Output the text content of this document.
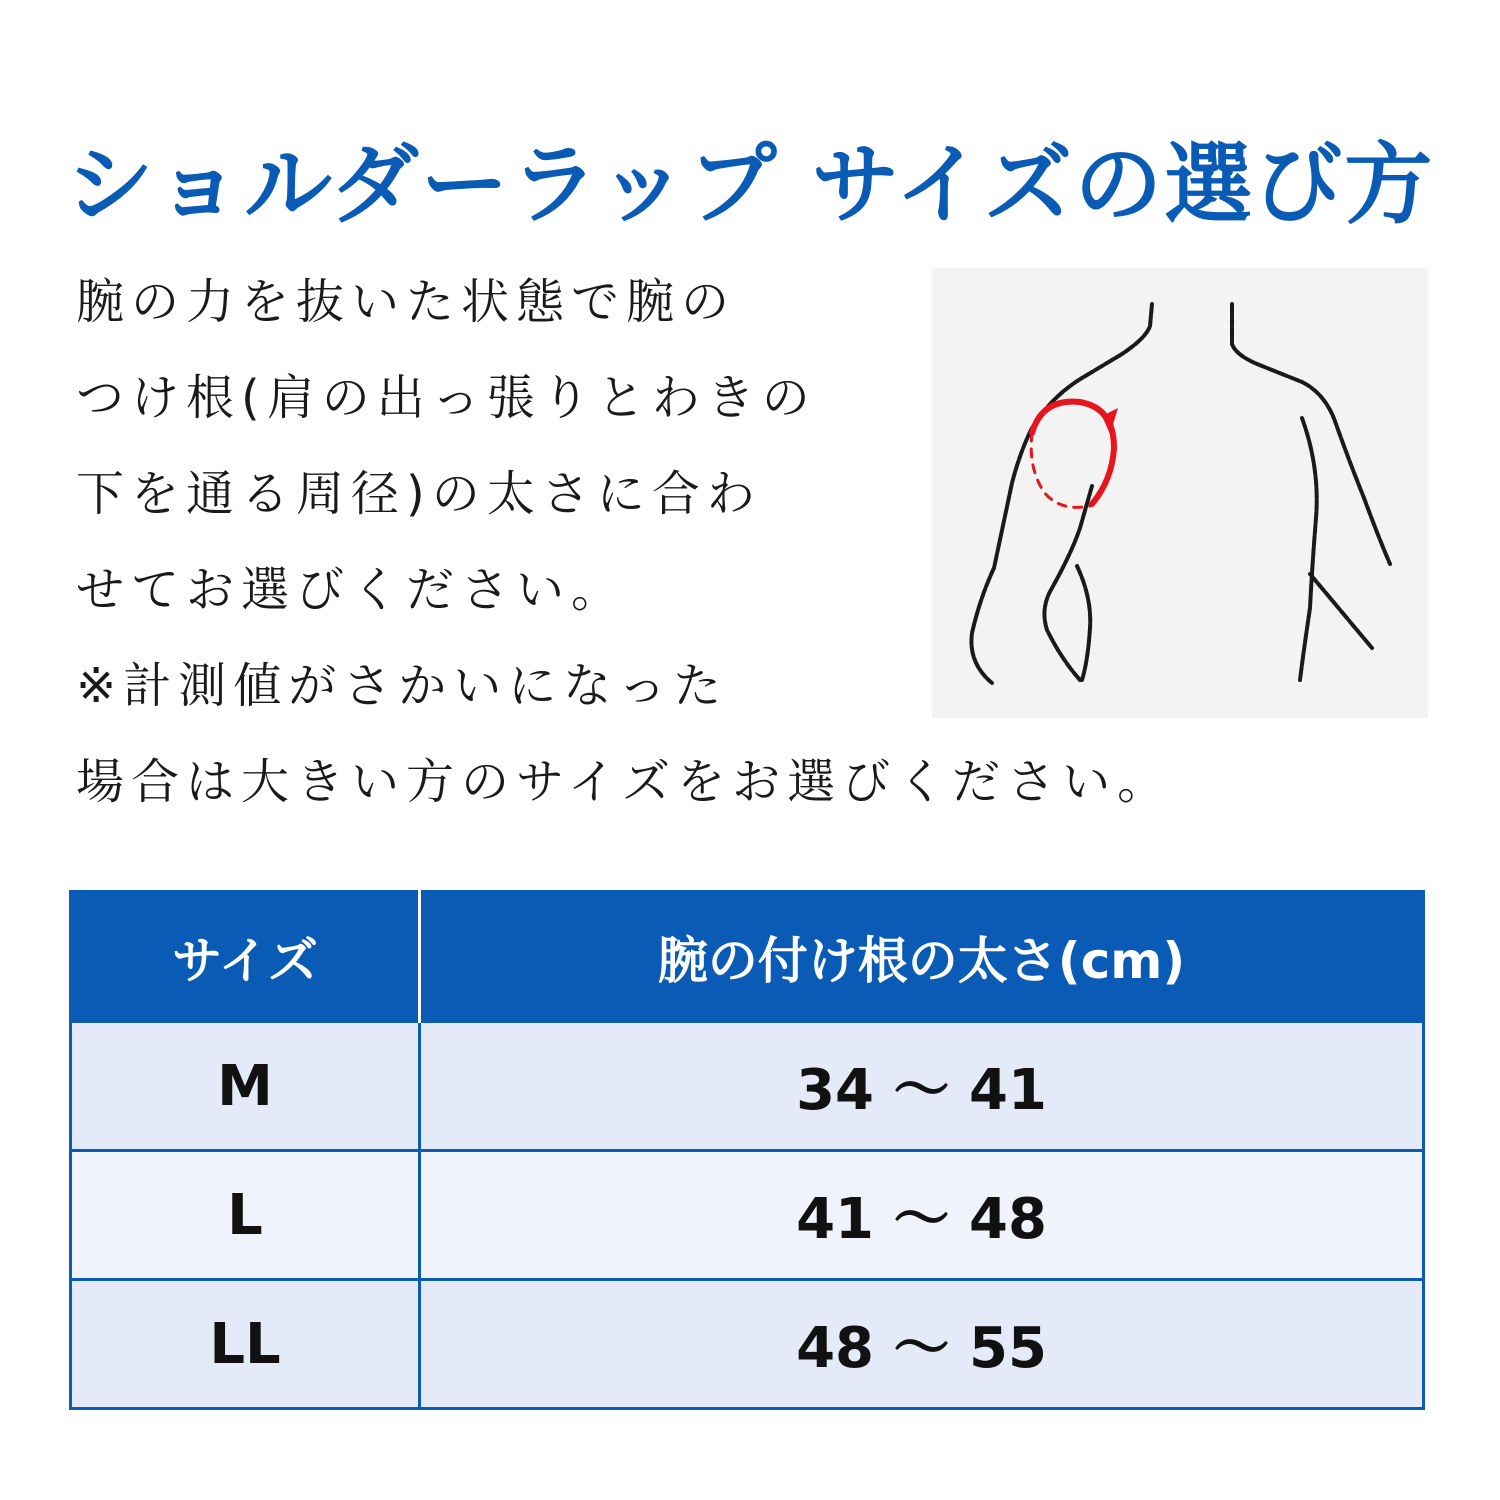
ショルダーラップ サイズの選び方
腕の力を抜いた状態で腕の
つけ根(肩の出っ張りとわきの
下を通る周径)の太さに合わ
せてお選びください。
※計測値がさかいになった
場合は大きい方のサイズをお選びください。
サイズ	腕の付け根の太さ(cm)
M	34 〜 41
L	41 〜 48
LL	48 〜 55
